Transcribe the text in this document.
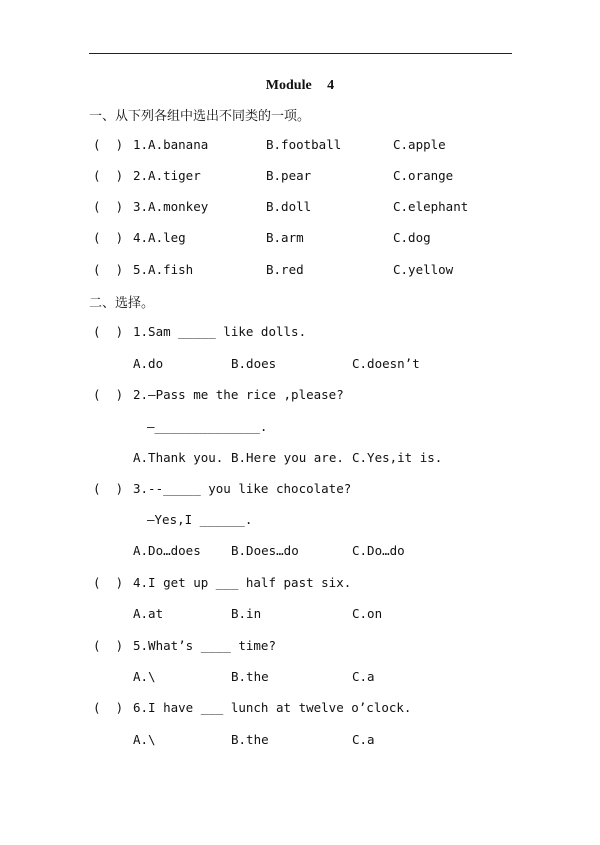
Module 4
一、从下列各组中选出不同类的一项。
(  ) 1.A.banana	B.football	C.apple
(  ) 2.A.tiger	B.pear	C.orange
(  ) 3.A.monkey	B.doll	C.elephant
(  ) 4.A.leg	B.arm	C.dog
(  ) 5.A.fish	B.red	C.yellow
二、选择。
(  ) 1.Sam _____ like dolls.
A.do	B.does	C.doesn’t
(  ) 2.—Pass me the rice ,please?
—______________.
A.Thank you. B.Here you are. C.Yes,it is.
(  ) 3.--_____ you like chocolate?
—Yes,I ______.
A.Do…does B.Does…do	C.Do…do
(  ) 4.I get up ___ half past six.
A.at	B.in	C.on
(  ) 5.What’s ____ time?
A.\	B.the	C.a
(  ) 6.I have ___ lunch at twelve o’clock.
A.\	B.the	C.a
